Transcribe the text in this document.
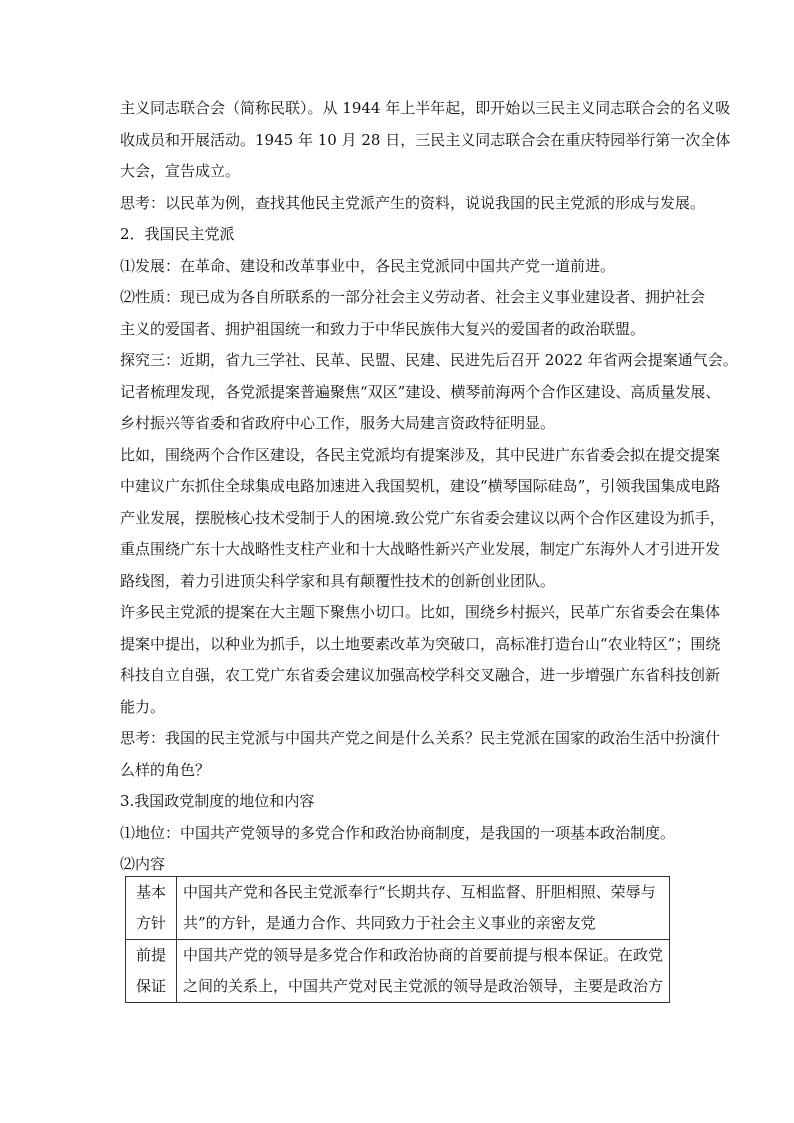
主义同志联合会（简称民联）。从 1944 年上半年起，即开始以三民主义同志联合会的名义吸

收成员和开展活动。1945 年 10 月 28 日，三民主义同志联合会在重庆特园举行第一次全体

大会，宣告成立。

思考：以民革为例，查找其他民主党派产生的资料，说说我国的民主党派的形成与发展。

2．我国民主党派

⑴发展：在革命、建设和改革事业中，各民主党派同中国共产党一道前进。

⑵性质：现已成为各自所联系的一部分社会主义劳动者、社会主义事业建设者、拥护社会

主义的爱国者、拥护祖国统一和致力于中华民族伟大复兴的爱国者的政治联盟。

探究三：近期，省九三学社、民革、民盟、民建、民进先后召开 2022 年省两会提案通气会。

记者梳理发现，各党派提案普遍聚焦“双区”建设、横琴前海两个合作区建设、高质量发展、

乡村振兴等省委和省政府中心工作，服务大局建言资政特征明显。

比如，围绕两个合作区建设，各民主党派均有提案涉及，其中民进广东省委会拟在提交提案

中建议广东抓住全球集成电路加速进入我国契机，建设“横琴国际硅岛”，引领我国集成电路

产业发展，摆脱核心技术受制于人的困境.致公党广东省委会建议以两个合作区建设为抓手，

重点围绕广东十大战略性支柱产业和十大战略性新兴产业发展，制定广东海外人才引进开发

路线图，着力引进顶尖科学家和具有颠覆性技术的创新创业团队。

许多民主党派的提案在大主题下聚焦小切口。比如，围绕乡村振兴，民革广东省委会在集体

提案中提出，以种业为抓手，以土地要素改革为突破口，高标准打造台山“农业特区”；围绕

科技自立自强，农工党广东省委会建议加强高校学科交叉融合，进一步增强广东省科技创新

能力。

思考：我国的民主党派与中国共产党之间是什么关系？民主党派在国家的政治生活中扮演什

么样的角色？

3.我国政党制度的地位和内容

⑴地位：中国共产党领导的多党合作和政治协商制度，是我国的一项基本政治制度。

⑵内容

基本
方针	中国共产党和各民主党派奉行“长期共存、互相监督、肝胆相照、荣辱与
共”的方针，是通力合作、共同致力于社会主义事业的亲密友党

前提
保证	中国共产党的领导是多党合作和政治协商的首要前提与根本保证。在政党
之间的关系上，中国共产党对民主党派的领导是政治领导，主要是政治方
